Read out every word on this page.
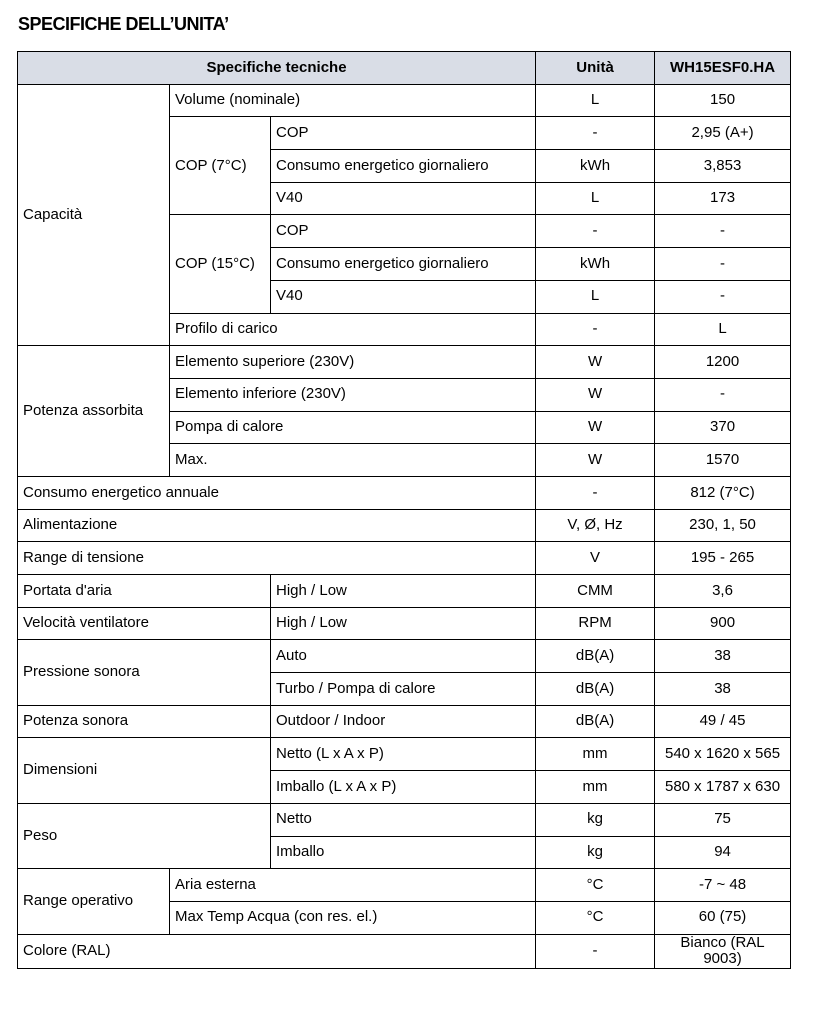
SPECIFICHE DELL’UNITA’
Specifiche tecniche			Unità	WH15ESF0.HA
Capacità	Volume (nominale)		L	150
	COP (7°C)	COP	-	2,95 (A+)
		Consumo energetico giornaliero	kWh	3,853
		V40	L	173
	COP (15°C)	COP	-	-
		Consumo energetico giornaliero	kWh	-
		V40	L	-
	Profilo di carico		-	L
Potenza assorbita	Elemento superiore (230V)		W	1200
	Elemento inferiore (230V)		W	-
	Pompa di calore		W	370
	Max.		W	1570
Consumo energetico annuale			-	812 (7°C)
Alimentazione			V, Ø, Hz	230, 1, 50
Range di tensione			V	195 - 265
Portata d'aria		High / Low	CMM	3,6
Velocità ventilatore		High / Low	RPM	900
Pressione sonora		Auto	dB(A)	38
		Turbo / Pompa di calore	dB(A)	38
Potenza sonora		Outdoor / Indoor	dB(A)	49 / 45
Dimensioni		Netto (L x A x P)	mm	540 x 1620 x 565
		Imballo (L x A x P)	mm	580 x 1787 x 630
Peso		Netto	kg	75
		Imballo	kg	94
Range operativo	Aria esterna		°C	-7 ~ 48
	Max Temp Acqua (con res. el.)		°C	60 (75)
Colore (RAL)			-	Bianco (RAL 9003)
